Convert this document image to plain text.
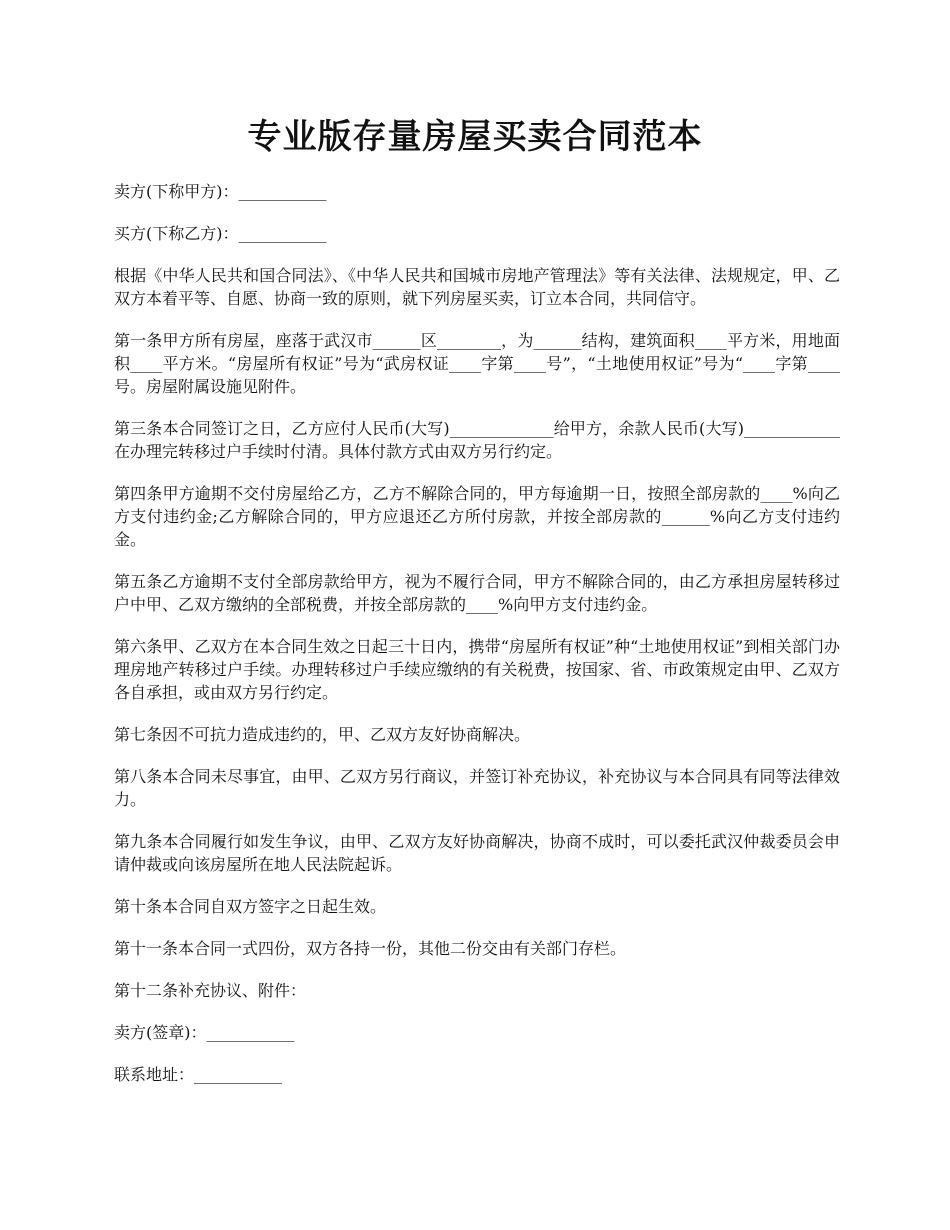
专业版存量房屋买卖合同范本

卖方(下称甲方)：___________

买方(下称乙方)：___________

根据《中华人民共和国合同法》、《中华人民共和国城市房地产管理法》等有关法律、法规规定，甲、乙双方本着平等、自愿、协商一致的原则，就下列房屋买卖，订立本合同，共同信守。

第一条甲方所有房屋，座落于武汉市______区________，为______结构，建筑面积____平方米，用地面积____平方米。“房屋所有权证”号为“武房权证____字第____号”，“土地使用权证”号为“____字第____号。房屋附属设施见附件。

第三条本合同签订之日，乙方应付人民币(大写)_____________给甲方，余款人民币(大写)____________在办理完转移过户手续时付清。具体付款方式由双方另行约定。

第四条甲方逾期不交付房屋给乙方，乙方不解除合同的，甲方每逾期一日，按照全部房款的____%向乙方支付违约金;乙方解除合同的，甲方应退还乙方所付房款，并按全部房款的______%向乙方支付违约金。

第五条乙方逾期不支付全部房款给甲方，视为不履行合同，甲方不解除合同的，由乙方承担房屋转移过户中甲、乙双方缴纳的全部税费，并按全部房款的____%向甲方支付违约金。

第六条甲、乙双方在本合同生效之日起三十日内，携带“房屋所有权证”种“土地使用权证”到相关部门办理房地产转移过户手续。办理转移过户手续应缴纳的有关税费，按国家、省、市政策规定由甲、乙双方各自承担，或由双方另行约定。

第七条因不可抗力造成违约的，甲、乙双方友好协商解决。

第八条本合同未尽事宜，由甲、乙双方另行商议，并签订补充协议，补充协议与本合同具有同等法律效力。

第九条本合同履行如发生争议，由甲、乙双方友好协商解决，协商不成时，可以委托武汉仲裁委员会申请仲裁或向该房屋所在地人民法院起诉。

第十条本合同自双方签字之日起生效。

第十一条本合同一式四份，双方各持一份，其他二份交由有关部门存栏。

第十二条补充协议、附件：

卖方(签章)：___________

联系地址：___________
